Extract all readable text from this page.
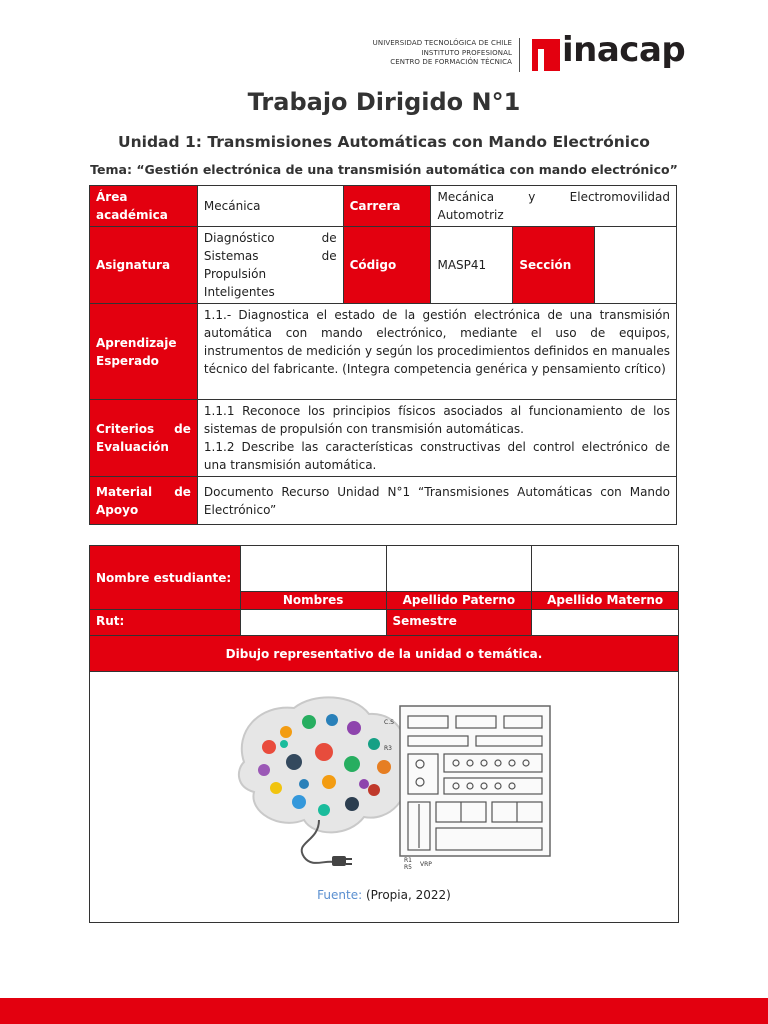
UNIVERSIDAD TECNOLÓGICA DE CHILE
INSTITUTO PROFESIONAL
CENTRO DE FORMACIÓN TÉCNICA inacap
Trabajo Dirigido N°1
Unidad 1: Transmisiones Automáticas con Mando Electrónico
Tema: “Gestión electrónica de una transmisión automática con mando electrónico”
Área académica	Mecánica	Carrera	Mecánica y Electromovilidad Automotriz		
Asignatura	Diagnóstico de Sistemas de Propulsión Inteligentes	Código	MASP41	Sección	
Aprendizaje Esperado	1.1.- Diagnostica el estado de la gestión electrónica de una transmisión automática con mando electrónico, mediante el uso de equipos, instrumentos de medición y según los procedimientos definidos en manuales técnico del fabricante. (Integra competencia genérica y pensamiento crítico)				
Criterios de Evaluación	1.1.1 Reconoce los principios físicos asociados al funcionamiento de los sistemas de propulsión con transmisión automáticas.
1.1.2 Describe las características constructivas del control electrónico de una transmisión automática.				

Material de Apoyo	Documento Recurso Unidad N°1 “Transmisiones Automáticas con Mando Electrónico”				
Nombre estudiante:			
	Nombres	Apellido Paterno	Apellido Materno
Rut:		Semestre	
Dibujo representativo de la unidad o temática.			

C.S
R3
R1
R5 VRP			
Fuente: (Propia, 2022)
